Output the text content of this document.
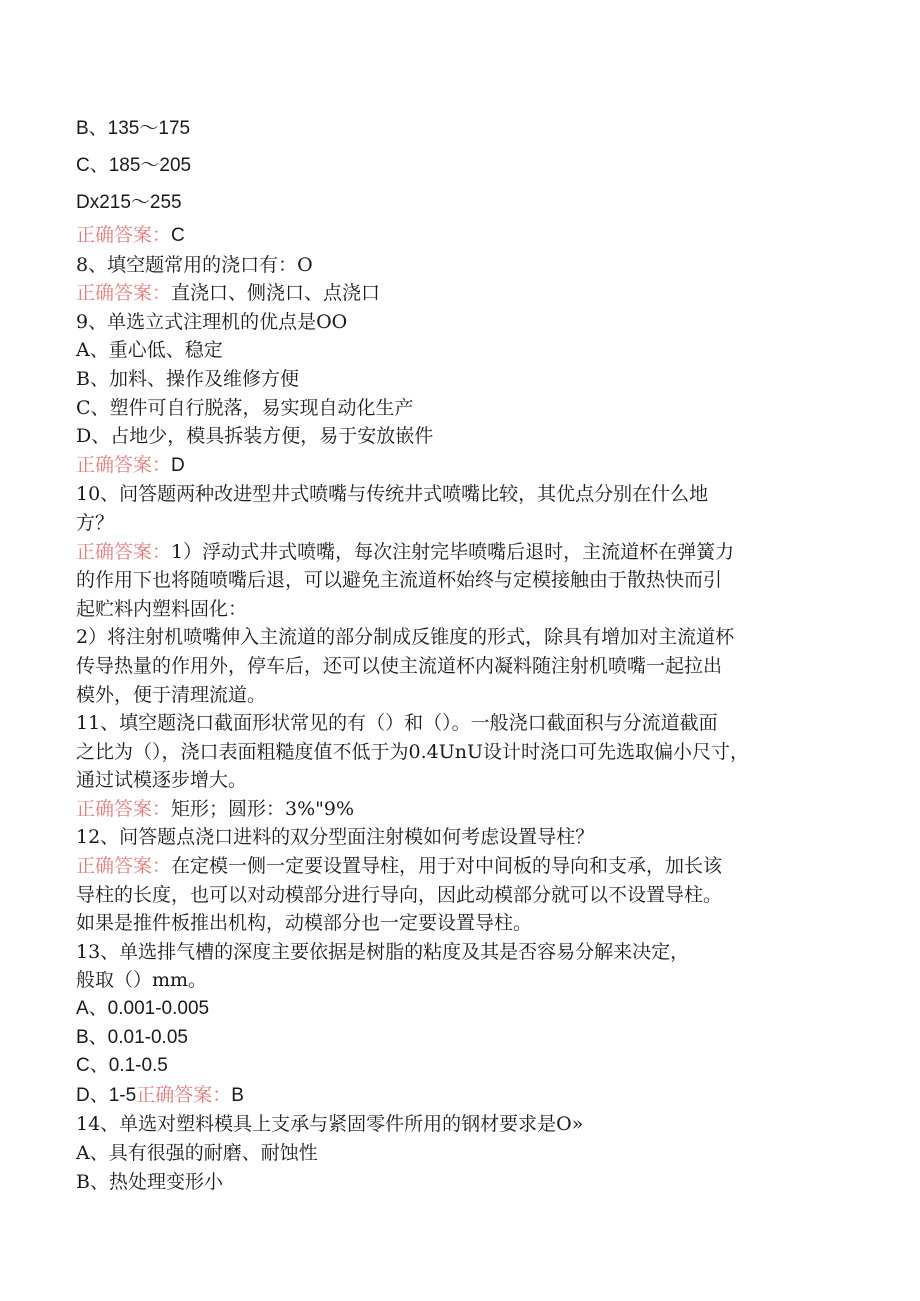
B、135～175
C、185～205
Dx215～255
正确答案：C
8、填空题常用的浇口有：O
正确答案：直浇口、侧浇口、点浇口
9、单选立式注理机的优点是OO
A、重心低、稳定
B、加料、操作及维修方便
C、塑件可自行脱落，易实现自动化生产
D、占地少，模具拆装方便，易于安放嵌件
正确答案：D
10、问答题两种改进型井式喷嘴与传统井式喷嘴比较，其优点分别在什么地
方？
正确答案：1）浮动式井式喷嘴，每次注射完毕喷嘴后退时，主流道杯在弹簧力
的作用下也将随喷嘴后退，可以避免主流道杯始终与定模接触由于散热快而引
起贮料内塑料固化：
2）将注射机喷嘴伸入主流道的部分制成反锥度的形式，除具有增加对主流道杯
传导热量的作用外，停车后，还可以使主流道杯内凝料随注射机喷嘴一起拉出
模外，便于清理流道。
11、填空题浇口截面形状常见的有（）和（）。一般浇口截面积与分流道截面
之比为（），浇口表面粗糙度值不低于为0.4UnU设计时浇口可先选取偏小尺寸，
通过试模逐步增大。
正确答案：矩形；圆形：3%"9%
12、问答题点浇口进料的双分型面注射模如何考虑设置导柱？
正确答案：在定模一侧一定要设置导柱，用于对中间板的导向和支承，加长该
导柱的长度，也可以对动模部分进行导向，因此动模部分就可以不设置导柱。
如果是推件板推出机构，动模部分也一定要设置导柱。
13、单选排气槽的深度主要依据是树脂的粘度及其是否容易分解来决定，
般取（）mm。
A、0.001-0.005
B、0.01-0.05
C、0.1-0.5
D、1-5正确答案：B
14、单选对塑料模具上支承与紧固零件所用的钢材要求是O»
A、具有很强的耐磨、耐蚀性
B、热处理变形小
